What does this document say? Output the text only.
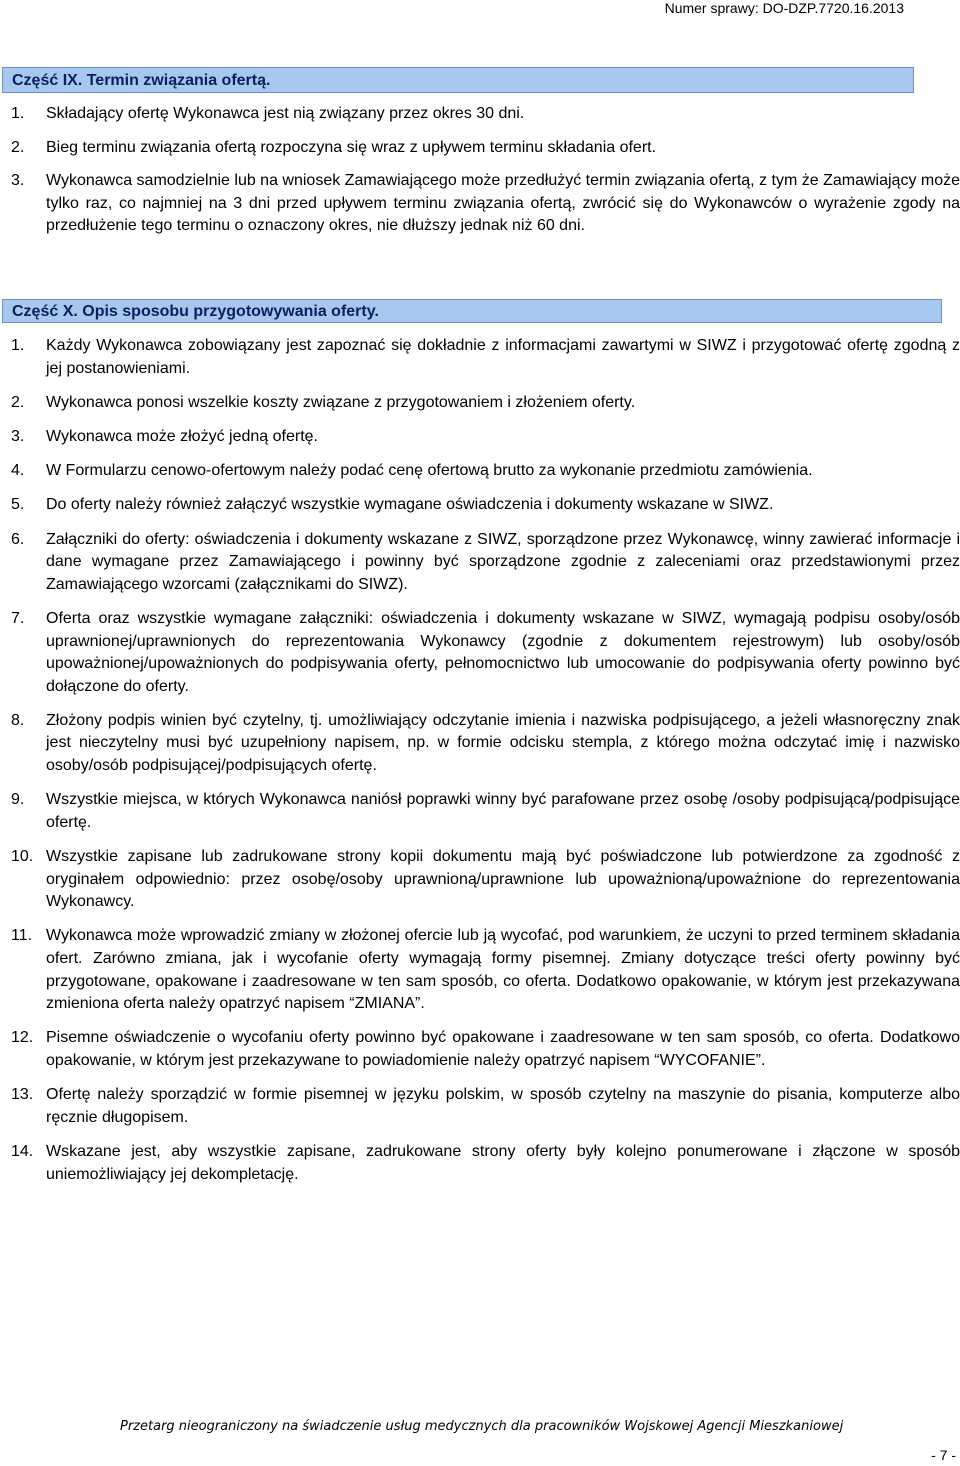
Numer sprawy: DO-DZP.7720.16.2013
Część IX. Termin związania ofertą.
1. Składający ofertę Wykonawca jest nią związany przez okres 30 dni.
2. Bieg terminu związania ofertą rozpoczyna się wraz z upływem terminu składania ofert.
3. Wykonawca samodzielnie lub na wniosek Zamawiającego może przedłużyć termin związania ofertą, z tym że Zamawiający może tylko raz, co najmniej na 3 dni przed upływem terminu związania ofertą, zwrócić się do Wykonawców o wyrażenie zgody na przedłużenie tego terminu o oznaczony okres, nie dłuższy jednak niż 60 dni.
Część X. Opis sposobu przygotowywania oferty.
1. Każdy Wykonawca zobowiązany jest zapoznać się dokładnie z informacjami zawartymi w SIWZ i przygotować ofertę zgodną z jej postanowieniami.
2. Wykonawca ponosi wszelkie koszty związane z przygotowaniem i złożeniem oferty.
3. Wykonawca może złożyć jedną ofertę.
4. W Formularzu cenowo-ofertowym należy podać cenę ofertową brutto za wykonanie przedmiotu zamówienia.
5. Do oferty należy również załączyć wszystkie wymagane oświadczenia i dokumenty wskazane w SIWZ.
6. Załączniki do oferty: oświadczenia i dokumenty wskazane z SIWZ, sporządzone przez Wykonawcę, winny zawierać informacje i dane wymagane przez Zamawiającego i powinny być sporządzone zgodnie z zaleceniami oraz przedstawionymi przez Zamawiającego wzorcami (załącznikami do SIWZ).
7. Oferta oraz wszystkie wymagane załączniki: oświadczenia i dokumenty wskazane w SIWZ, wymagają podpisu osoby/osób uprawnionej/uprawnionych do reprezentowania Wykonawcy (zgodnie z dokumentem rejestrowym) lub osoby/osób upoważnionej/upoważnionych do podpisywania oferty, pełnomocnictwo lub umocowanie do podpisywania oferty powinno być dołączone do oferty.
8. Złożony podpis winien być czytelny, tj. umożliwiający odczytanie imienia i nazwiska podpisującego, a jeżeli własnoręczny znak jest nieczytelny musi być uzupełniony napisem, np. w formie odcisku stempla, z którego można odczytać imię i nazwisko osoby/osób podpisującej/podpisujących ofertę.
9. Wszystkie miejsca, w których Wykonawca naniósł poprawki winny być parafowane przez osobę /osoby podpisującą/podpisujące ofertę.
10. Wszystkie zapisane lub zadrukowane strony kopii dokumentu mają być poświadczone lub potwierdzone za zgodność z oryginałem odpowiednio: przez osobę/osoby uprawnioną/uprawnione lub upoważnioną/upoważnione do reprezentowania Wykonawcy.
11. Wykonawca może wprowadzić zmiany w złożonej ofercie lub ją wycofać, pod warunkiem, że uczyni to przed terminem składania ofert. Zarówno zmiana, jak i wycofanie oferty wymagają formy pisemnej. Zmiany dotyczące treści oferty powinny być przygotowane, opakowane i zaadresowane w ten sam sposób, co oferta. Dodatkowo opakowanie, w którym jest przekazywana zmieniona oferta należy opatrzyć napisem “ZMIANA”.
12. Pisemne oświadczenie o wycofaniu oferty powinno być opakowane i zaadresowane w ten sam sposób, co oferta. Dodatkowo opakowanie, w którym jest przekazywane to powiadomienie należy opatrzyć napisem “WYCOFANIE”.
13. Ofertę należy sporządzić w formie pisemnej w języku polskim, w sposób czytelny na maszynie do pisania, komputerze albo ręcznie długopisem.
14. Wskazane jest, aby wszystkie zapisane, zadrukowane strony oferty były kolejno ponumerowane i złączone w sposób uniemożliwiający jej dekompletację.
Przetarg nieograniczony na świadczenie usług medycznych dla pracowników Wojskowej Agencji Mieszkaniowej
- 7 -
